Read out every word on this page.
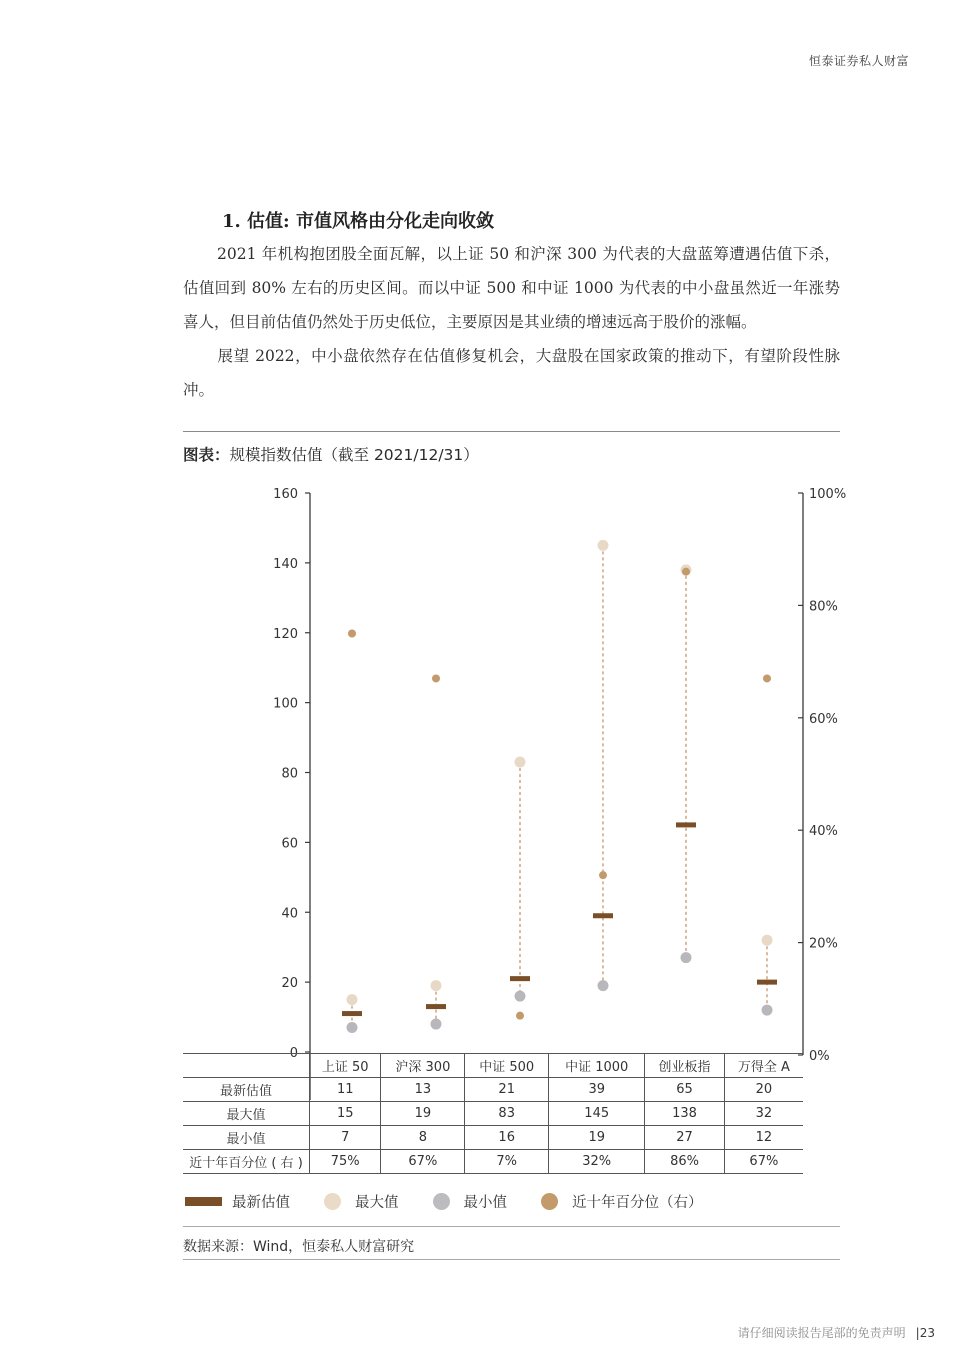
恒泰证券私人财富
1. 估值: 市值风格由分化走向收敛
2021 年机构抱团股全面瓦解，以上证 50 和沪深 300 为代表的大盘蓝筹遭遇估值下杀，估值回到 80% 左右的历史区间。而以中证 500 和中证 1000 为代表的中小盘虽然近一年涨势喜人，但目前估值仍然处于历史低位，主要原因是其业绩的增速远高于股价的涨幅。
展望 2022，中小盘依然存在估值修复机会，大盘股在国家政策的推动下，有望阶段性脉冲。
图表：规模指数估值（截至 2021/12/31）
0
20
40
60
80
100
120
140
160
0%
20%
40%
60%
80%
100%
	上证 50	沪深 300	中证 500	中证 1000	创业板指	万得全 A
最新估值	11	13	21	39	65	20
最大值	15	19	83	145	138	32
最小值	7	8	16	19	27	12
近十年百分位 ( 右 )	75%	67%	7%	32%	86%	67%
最新估值	最大值	最小值	近十年百分位（右）
数据来源：Wind，恒泰私人财富研究
请仔细阅读报告尾部的免责声明 |23
